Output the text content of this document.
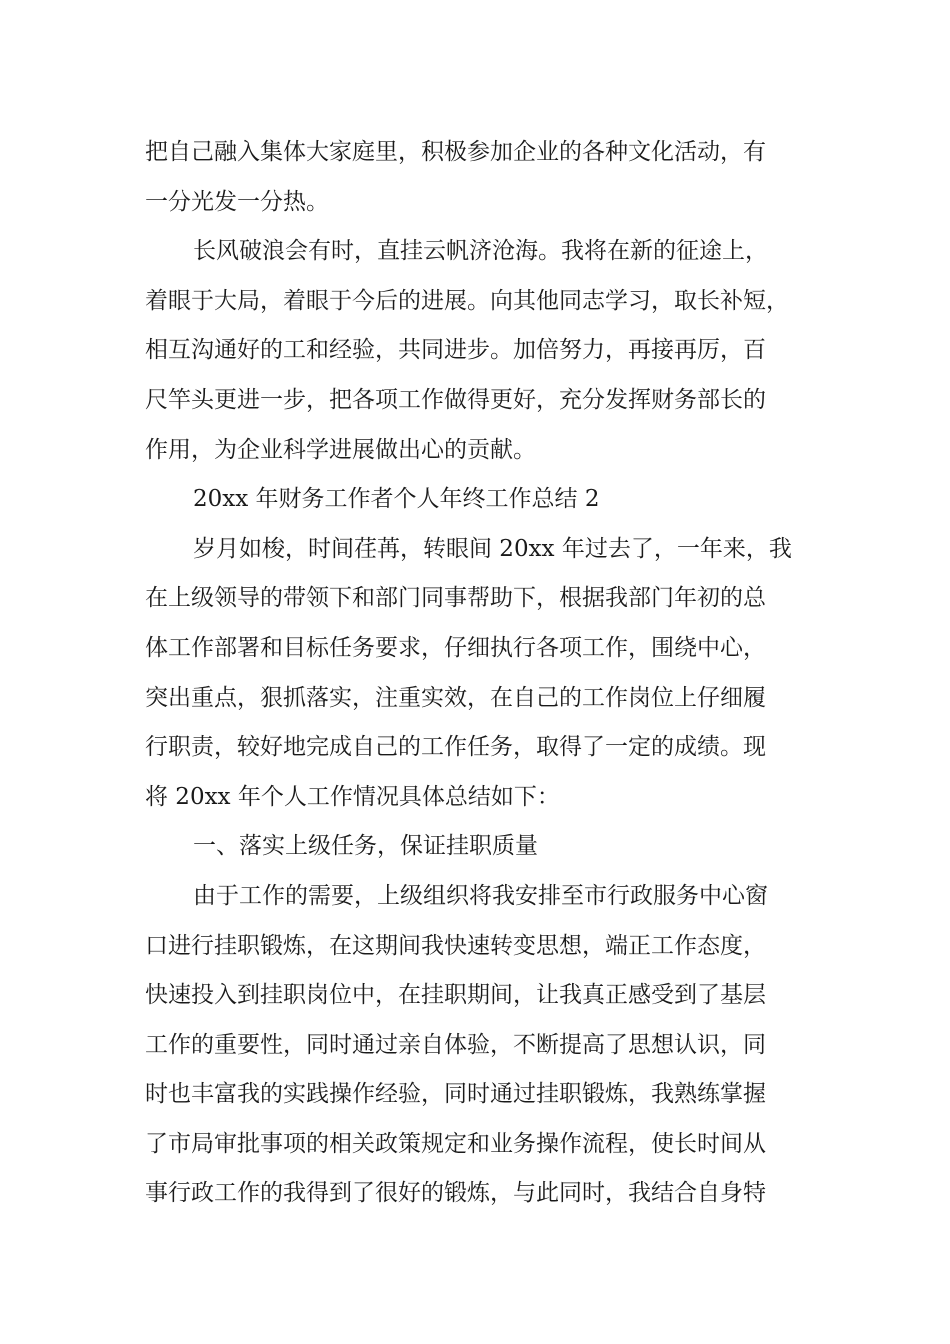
把自己融入集体大家庭里，积极参加企业的各种文化活动，有
一分光发一分热。
长风破浪会有时，直挂云帆济沧海。我将在新的征途上，
着眼于大局，着眼于今后的进展。向其他同志学习，取长补短，
相互沟通好的工和经验，共同进步。加倍努力，再接再厉，百
尺竿头更进一步，把各项工作做得更好，充分发挥财务部长的
作用，为企业科学进展做出心的贡献。
20xx 年财务工作者个人年终工作总结 2
岁月如梭，时间荏苒，转眼间 20xx 年过去了，一年来，我
在上级领导的带领下和部门同事帮助下，根据我部门年初的总
体工作部署和目标任务要求，仔细执行各项工作，围绕中心，
突出重点，狠抓落实，注重实效，在自己的工作岗位上仔细履
行职责，较好地完成自己的工作任务，取得了一定的成绩。现
将 20xx 年个人工作情况具体总结如下：
一、落实上级任务，保证挂职质量
由于工作的需要，上级组织将我安排至市行政服务中心窗
口进行挂职锻炼，在这期间我快速转变思想，端正工作态度，
快速投入到挂职岗位中，在挂职期间，让我真正感受到了基层
工作的重要性，同时通过亲自体验，不断提高了思想认识，同
时也丰富我的实践操作经验，同时通过挂职锻炼，我熟练掌握
了市局审批事项的相关政策规定和业务操作流程，使长时间从
事行政工作的我得到了很好的锻炼，与此同时，我结合自身特
